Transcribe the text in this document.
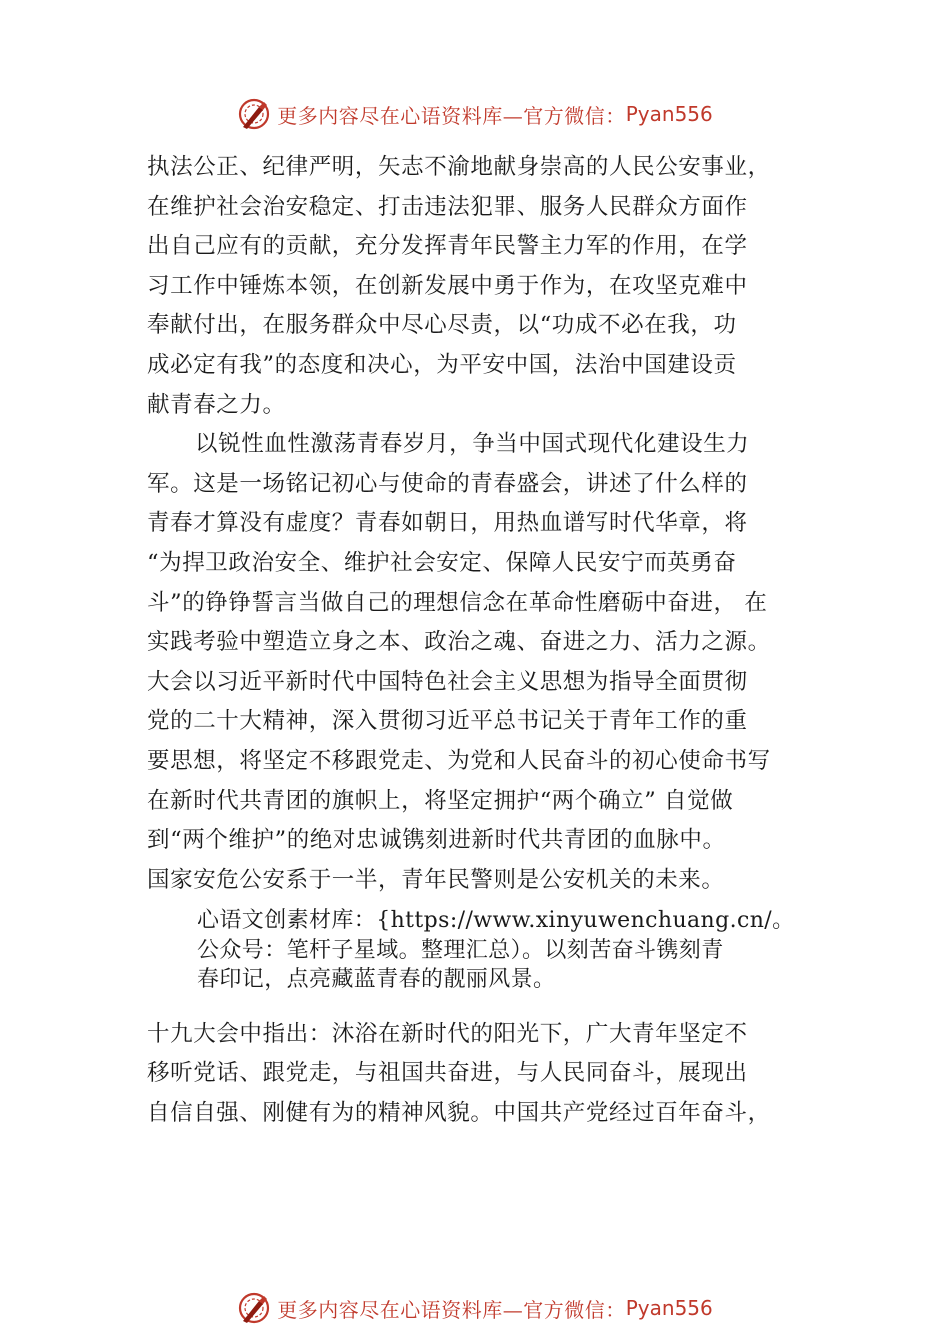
更多内容尽在心语资料库—官方微信： Pyan556
执法公正、纪律严明，矢志不渝地献身崇高的人民公安事业，
在维护社会治安稳定、打击违法犯罪、服务人民群众方面作
出自己应有的贡献，充分发挥青年民警主力军的作用，在学
习工作中锤炼本领，在创新发展中勇于作为，在攻坚克难中
奉献付出，在服务群众中尽心尽责，以“功成不必在我，功
成必定有我”的态度和决心，为平安中国，法治中国建设贡
献青春之力。
以锐性血性激荡青春岁月，争当中国式现代化建设生力
军。这是一场铭记初心与使命的青春盛会，讲述了什么样的
青春才算没有虚度？青春如朝日，用热血谱写时代华章，将
“为捍卫政治安全、维护社会安定、保障人民安宁而英勇奋
斗”的铮铮誓言当做自己的理想信念在革命性磨砺中奋进， 在
实践考验中塑造立身之本、政治之魂、奋进之力、活力之源。
大会以习近平新时代中国特色社会主义思想为指导全面贯彻
党的二十大精神，深入贯彻习近平总书记关于青年工作的重
要思想，将坚定不移跟党走、为党和人民奋斗的初心使命书写
在新时代共青团的旗帜上，将坚定拥护“两个确立” 自觉做
到“两个维护”的绝对忠诚镌刻进新时代共青团的血脉中。
国家安危公安系于一半，青年民警则是公安机关的未来。
心语文创素材库：{https://www.xinyuwenchuang.cn/。
公众号：笔杆子星域。整理汇总）。以刻苦奋斗镌刻青
春印记，点亮藏蓝青春的靓丽风景。
十九大会中指出：沐浴在新时代的阳光下，广大青年坚定不
移听党话、跟党走，与祖国共奋进，与人民同奋斗，展现出
自信自强、刚健有为的精神风貌。中国共产党经过百年奋斗，
更多内容尽在心语资料库—官方微信： Pyan556
